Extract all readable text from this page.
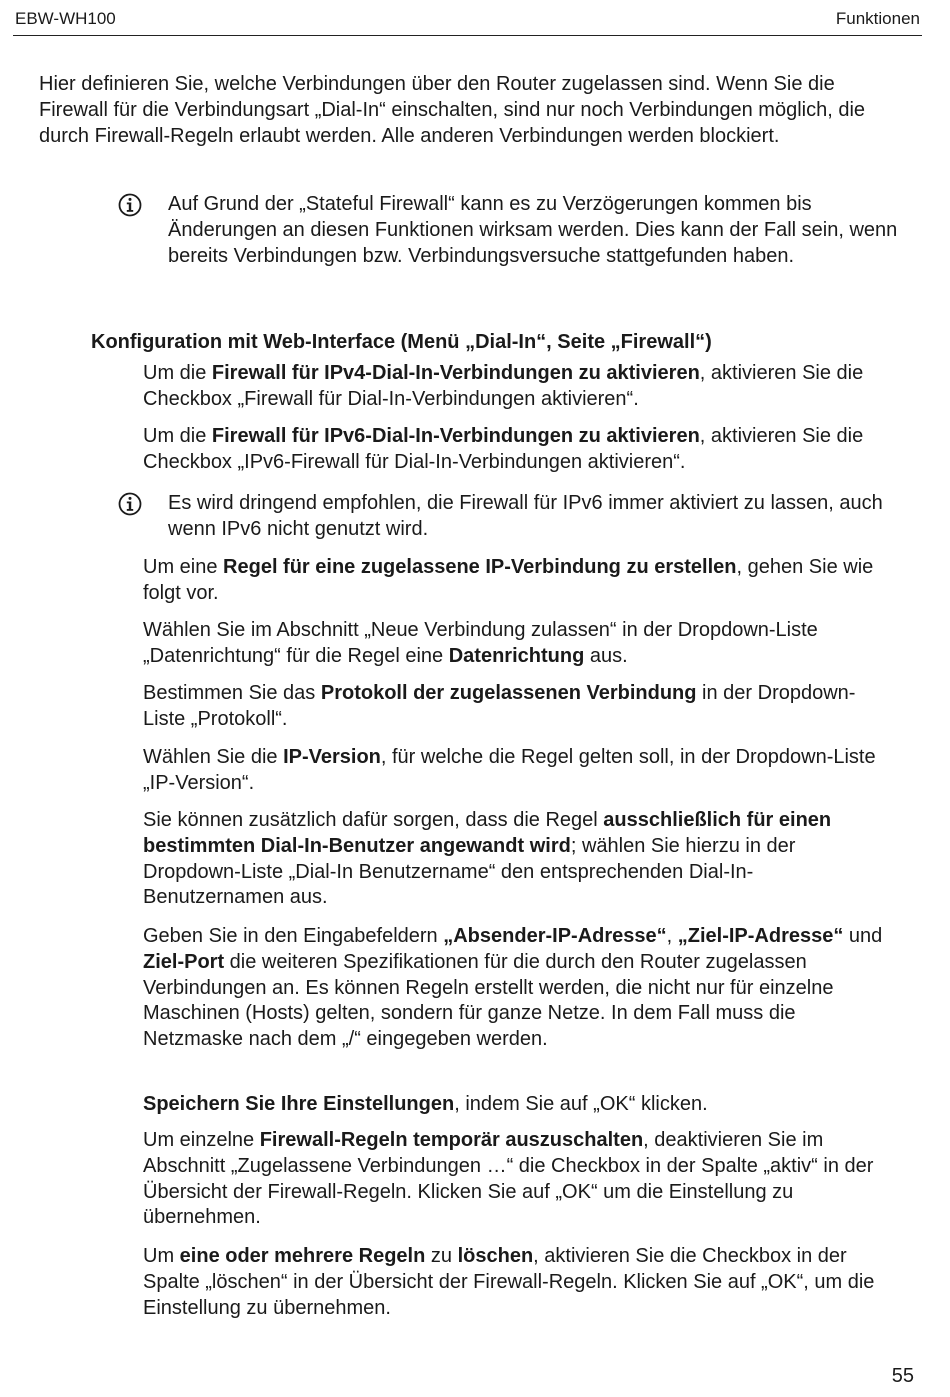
EBW-WH100	Funktionen

Hier definieren Sie, welche Verbindungen über den Router zugelassen sind. Wenn Sie die Firewall für die Verbindungsart „Dial-In“ einschalten, sind nur noch Verbindungen möglich, die durch Firewall-Regeln erlaubt werden. Alle anderen Verbindungen werden blockiert.

Auf Grund der „Stateful Firewall“ kann es zu Verzögerungen kommen bis Änderungen an diesen Funktionen wirksam werden. Dies kann der Fall sein, wenn bereits Verbindungen bzw. Verbindungsversuche stattgefunden haben.

Konfiguration mit Web-Interface (Menü „Dial-In“, Seite „Firewall“)

Um die Firewall für IPv4-Dial-In-Verbindungen zu aktivieren, aktivieren Sie die Checkbox „Firewall für Dial-In-Verbindungen aktivieren“.

Um die Firewall für IPv6-Dial-In-Verbindungen zu aktivieren, aktivieren Sie die Checkbox „IPv6-Firewall für Dial-In-Verbindungen aktivieren“.

Es wird dringend empfohlen, die Firewall für IPv6 immer aktiviert zu lassen, auch wenn IPv6 nicht genutzt wird.

Um eine Regel für eine zugelassene IP-Verbindung zu erstellen, gehen Sie wie folgt vor.

Wählen Sie im Abschnitt „Neue Verbindung zulassen“ in der Dropdown-Liste „Datenrichtung“ für die Regel eine Datenrichtung aus.

Bestimmen Sie das Protokoll der zugelassenen Verbindung in der Dropdown-Liste „Protokoll“.

Wählen Sie die IP-Version, für welche die Regel gelten soll, in der Dropdown-Liste „IP-Version“.

Sie können zusätzlich dafür sorgen, dass die Regel ausschließlich für einen bestimmten Dial-In-Benutzer angewandt wird; wählen Sie hierzu in der Dropdown-Liste „Dial-In Benutzername“ den entsprechenden Dial-In-Benutzernamen aus.

Geben Sie in den Eingabefeldern „Absender-IP-Adresse“, „Ziel-IP-Adresse“ und Ziel-Port die weiteren Spezifikationen für die durch den Router zugelassen Verbindungen an. Es können Regeln erstellt werden, die nicht nur für einzelne Maschinen (Hosts) gelten, sondern für ganze Netze. In dem Fall muss die Netzmaske nach dem „/“ eingegeben werden.

Speichern Sie Ihre Einstellungen, indem Sie auf „OK“ klicken.

Um einzelne Firewall-Regeln temporär auszuschalten, deaktivieren Sie im Abschnitt „Zugelassene Verbindungen …“ die Checkbox in der Spalte „aktiv“ in der Übersicht der Firewall-Regeln. Klicken Sie auf „OK“ um die Einstellung zu übernehmen.

Um eine oder mehrere Regeln zu löschen, aktivieren Sie die Checkbox in der Spalte „löschen“ in der Übersicht der Firewall-Regeln. Klicken Sie auf „OK“, um die Einstellung zu übernehmen.

55
